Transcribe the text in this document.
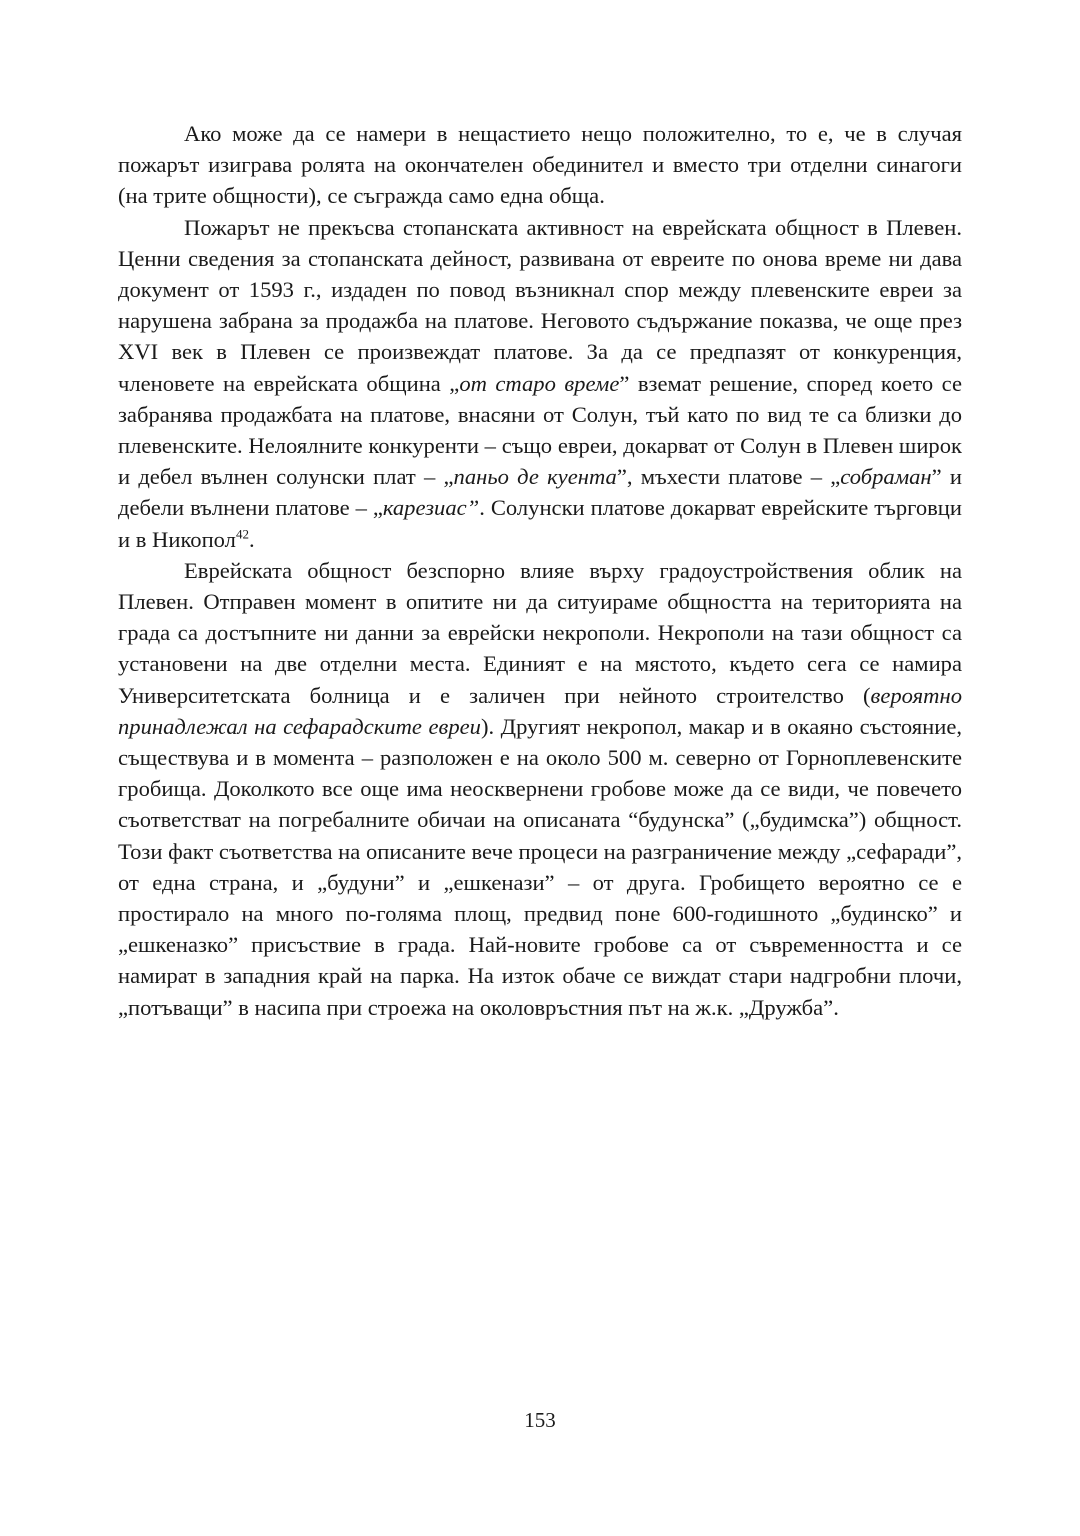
Ако може да се намери в нещастието нещо положително, то е, че в случая пожарът изиграва ролята на окончателен обединител и вместо три отделни синагоги (на трите общности), се съгражда само една обща.

Пожарът не прекъсва стопанската активност на еврейската общност в Плевен. Ценни сведения за стопанската дейност, развивана от евреите по онова време ни дава документ от 1593 г., издаден по повод възникнал спор между плевенските евреи за нарушена забрана за продажба на платове. Неговото съдържание показва, че още през XVI век в Плевен се произвеждат платове. За да се предпазят от конкуренция, членовете на еврейската община „от старо време” вземат решение, според което се забранява продажбата на платове, внасяни от Солун, тъй като по вид те са близки до плевенските. Нелоялните конкуренти – също евреи, докарват от Солун в Плевен широк и дебел вълнен солунски плат – „паньо де куента”, мъхести платове – „собраман” и дебели вълнени платове – „карезиас”. Солунски платове докарват еврейските търговци и в Никопол$^{42}$.

Еврейската общност безспорно влияе върху градоустройствения облик на Плевен. Отправен момент в опитите ни да ситуираме общността на територията на града са достъпните ни данни за еврейски некрополи. Некрополи на тази общност са установени на две отделни места. Единият е на мястото, където сега се намира Университетската болница и е заличен при нейното строителство (вероятно принадлежал на сефарадските евреи). Другият некропол, макар и в окаяно състояние, съществува и в момента – разположен е на около 500 м. северно от Горноплевенските гробища. Доколкото все още има неосквернени гробове може да се види, че повечето съответстват на погребалните обичаи на описаната “будунска” („будимска”) общност. Този факт съответства на описаните вече процеси на разграничение между „сефаради”, от една страна, и „будуни” и „ешкенази” – от друга. Гробището вероятно се е простирало на много по-голяма площ, предвид поне 600-годишното „будинско” и „ешкеназко” присъствие в града. Най-новите гробове са от съвременността и се намират в западния край на парка. На изток обаче се виждат стари надгробни плочи, „потъващи” в насипа при строежа на околовръстния път на ж.к. „Дружба”.

153
